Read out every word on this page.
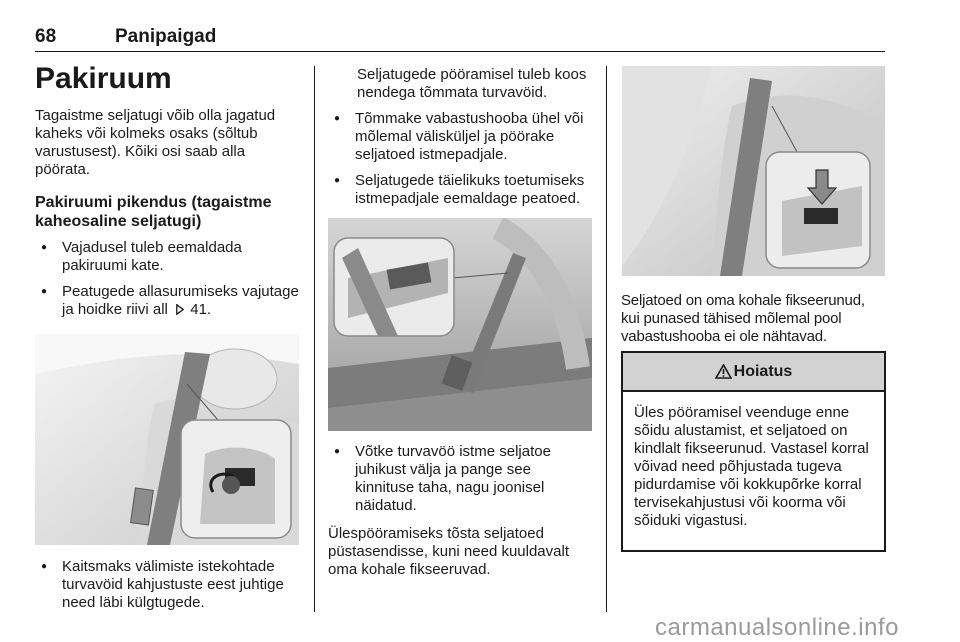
68	Panipaigad

Pakiruum

Tagaistme seljatugi võib olla jagatud kaheks või kolmeks osaks (sõltub varustusest). Kõiki osi saab alla pöörata.

Pakiruumi pikendus (tagaistme kaheosaline seljatugi)

● Vajadusel tuleb eemaldada pakiruumi kate.

● Peatugede allasurumiseks vajutage ja hoidke riivi all 41.

● Kaitsmaks välimiste istekohtade turvavöid kahjustuste eest juhtige need läbi külgtugede.

Seljatugede pööramisel tuleb koos nendega tõmmata turvavöid.

● Tõmmake vabastushooba ühel või mõlemal välisküljel ja pöörake seljatoed istmepadjale.

● Seljatugede täielikuks toetumiseks istmepadjale eemaldage peatoed.

● Võtke turvavöö istme seljatoe juhikust välja ja pange see kinnituse taha, nagu joonisel näidatud.

Ülespööramiseks tõsta seljatoed püstasendisse, kuni need kuuldavalt oma kohale fikseeruvad.

Seljatoed on oma kohale fikseerunud, kui punased tähised mõlemal pool vabastushooba ei ole nähtavad.

Hoiatus

Üles pööramisel veenduge enne sõidu alustamist, et seljatoed on kindlalt fikseerunud. Vastasel korral võivad need põhjustada tugeva pidurdamise või kokkupõrke korral tervisekahjustusi või koorma või sõiduki vigastusi.

carmanualsonline.info
